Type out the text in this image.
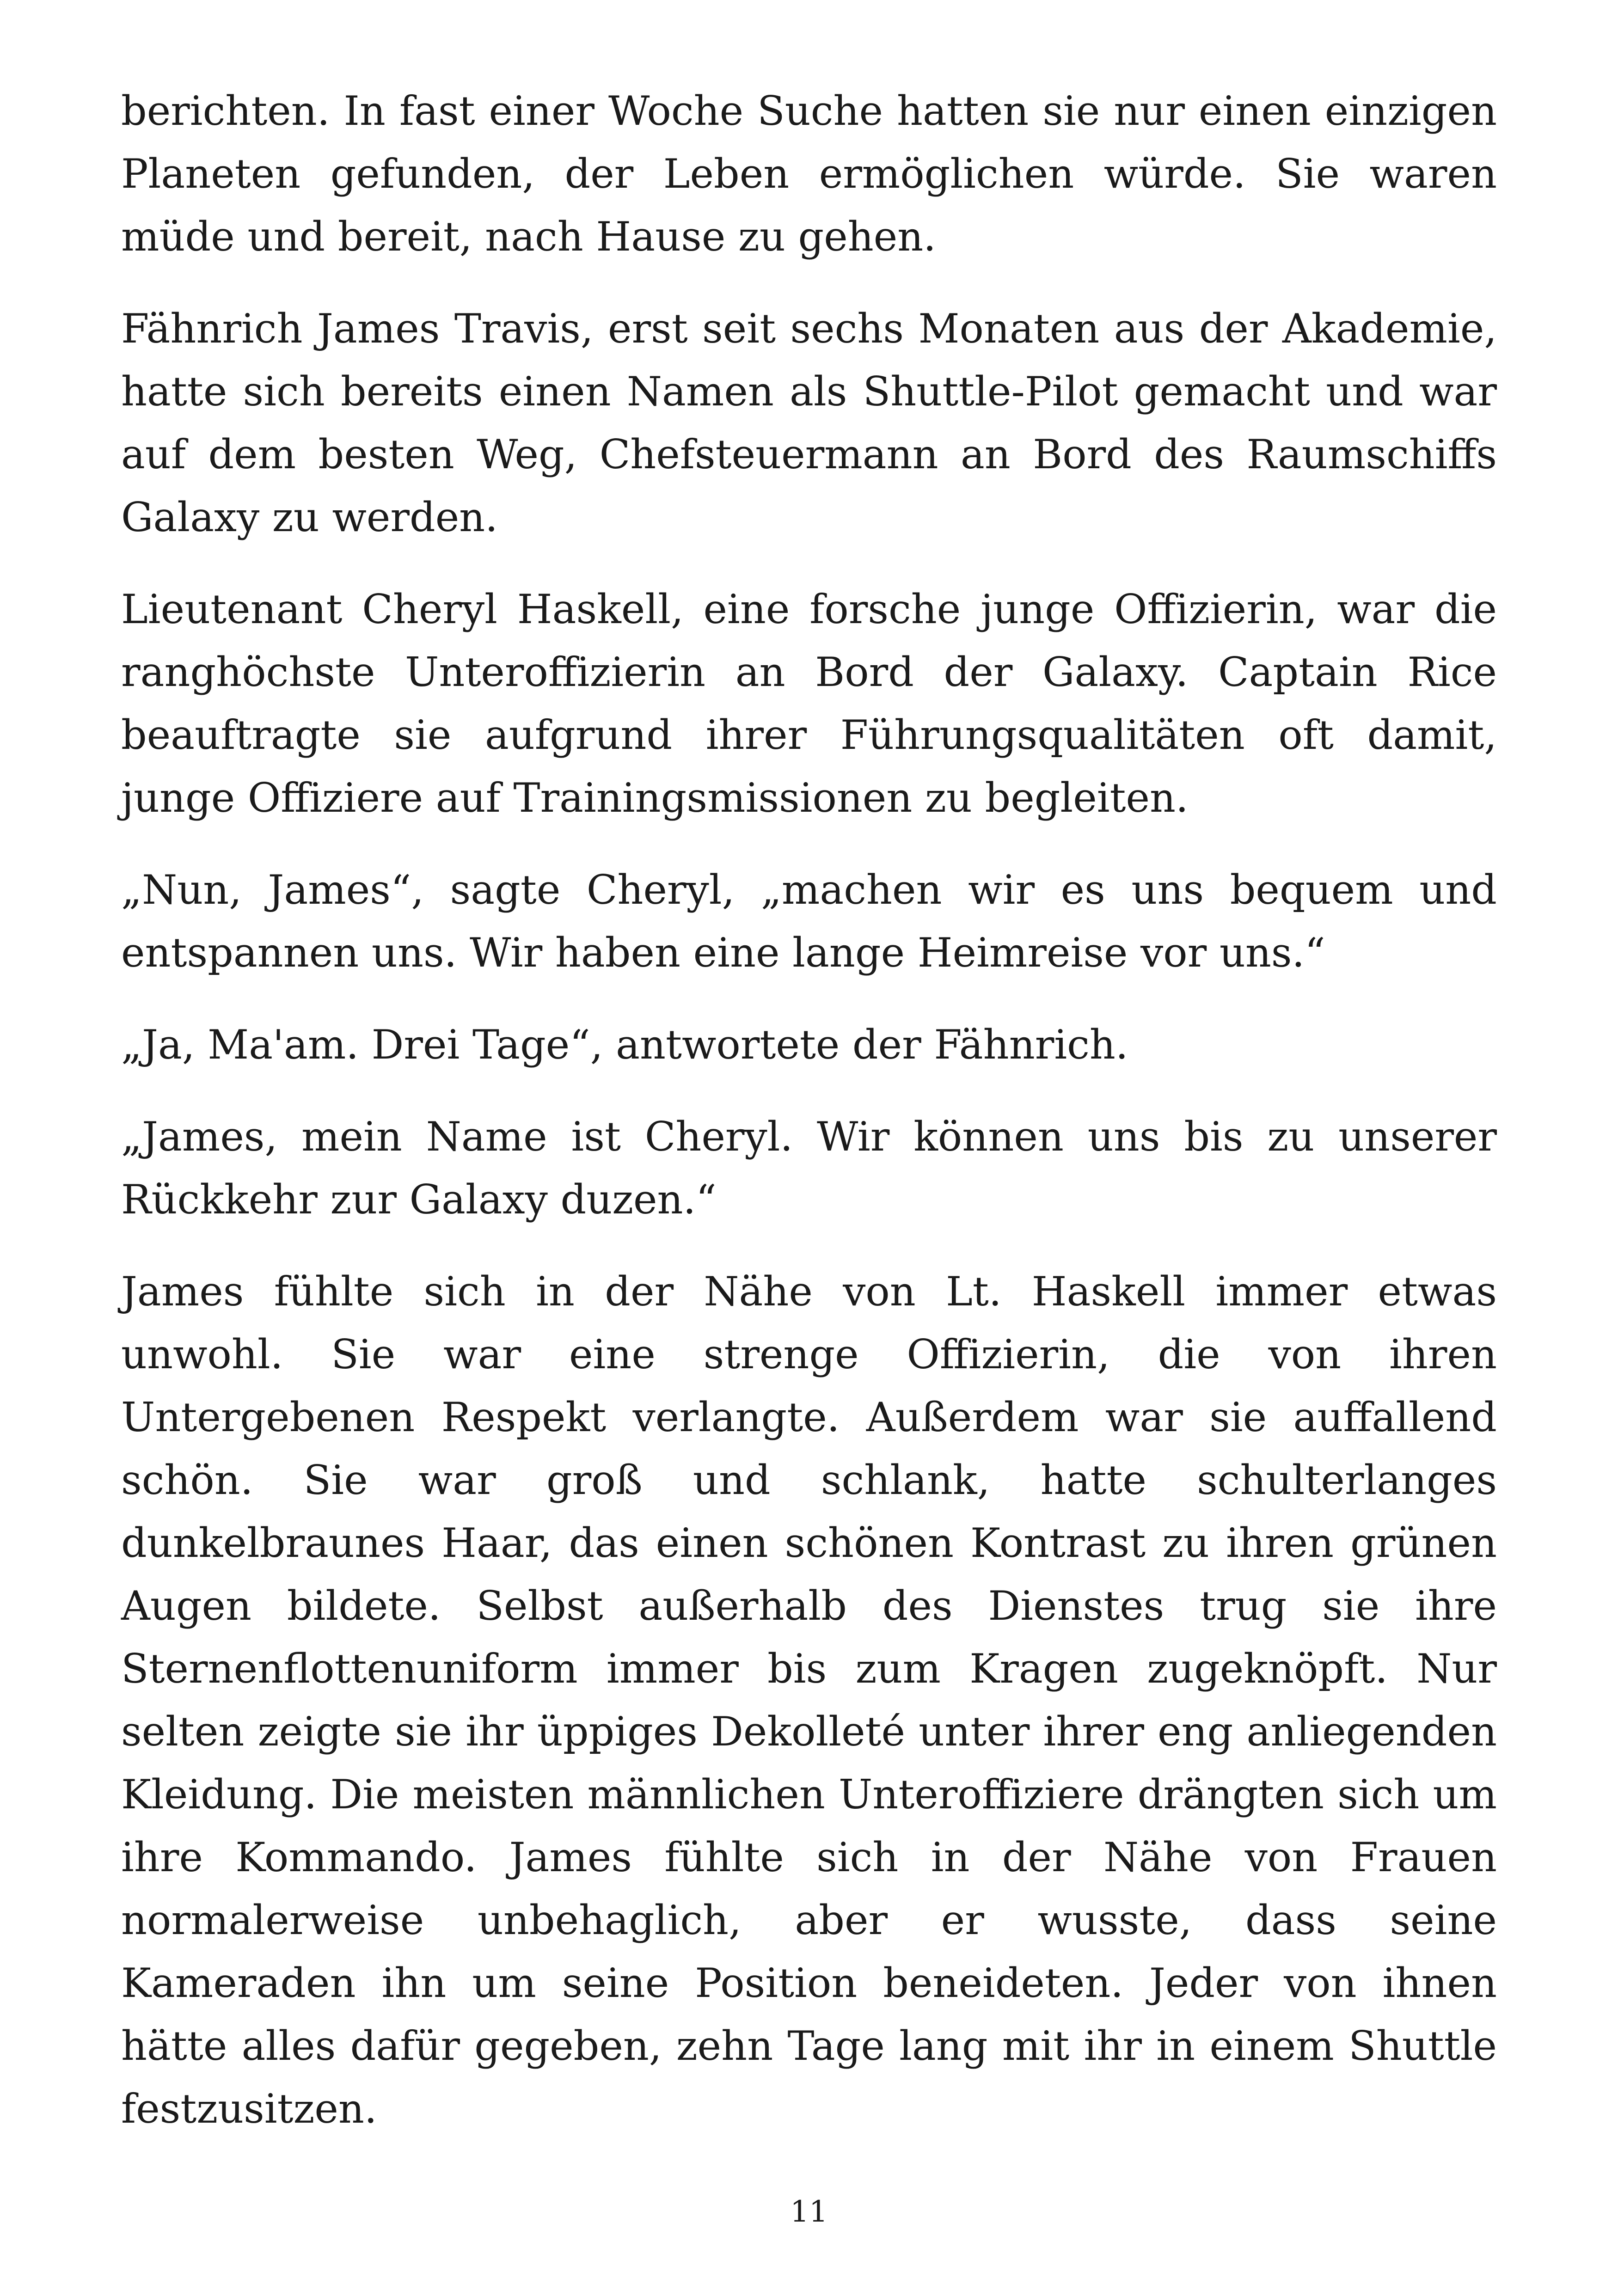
berichten. In fast einer Woche Suche hatten sie nur einen einzigen Planeten gefunden, der Leben ermöglichen würde. Sie waren müde und bereit, nach Hause zu gehen.

Fähnrich James Travis, erst seit sechs Monaten aus der Akademie, hatte sich bereits einen Namen als Shuttle-Pilot gemacht und war auf dem besten Weg, Chefsteuermann an Bord des Raumschiffs Galaxy zu werden.

Lieutenant Cheryl Haskell, eine forsche junge Offizierin, war die ranghöchste Unteroffizierin an Bord der Galaxy. Captain Rice beauftragte sie aufgrund ihrer Führungsqualitäten oft damit, junge Offiziere auf Trainingsmissionen zu begleiten.

„Nun, James“, sagte Cheryl, „machen wir es uns bequem und entspannen uns. Wir haben eine lange Heimreise vor uns.“

„Ja, Ma'am. Drei Tage“, antwortete der Fähnrich.

„James, mein Name ist Cheryl. Wir können uns bis zu unserer Rückkehr zur Galaxy duzen.“

James fühlte sich in der Nähe von Lt. Haskell immer etwas unwohl. Sie war eine strenge Offizierin, die von ihren Untergebenen Respekt verlangte. Außerdem war sie auffallend schön. Sie war groß und schlank, hatte schulterlanges dunkelbraunes Haar, das einen schönen Kontrast zu ihren grünen Augen bildete. Selbst außerhalb des Dienstes trug sie ihre Sternenflottenuniform immer bis zum Kragen zugeknöpft. Nur selten zeigte sie ihr üppiges Dekolleté unter ihrer eng anliegenden Kleidung. Die meisten männlichen Unteroffiziere drängten sich um ihre Kommando. James fühlte sich in der Nähe von Frauen normalerweise unbehaglich, aber er wusste, dass seine Kameraden ihn um seine Position beneideten. Jeder von ihnen hätte alles dafür gegeben, zehn Tage lang mit ihr in einem Shuttle festzusitzen.

11
